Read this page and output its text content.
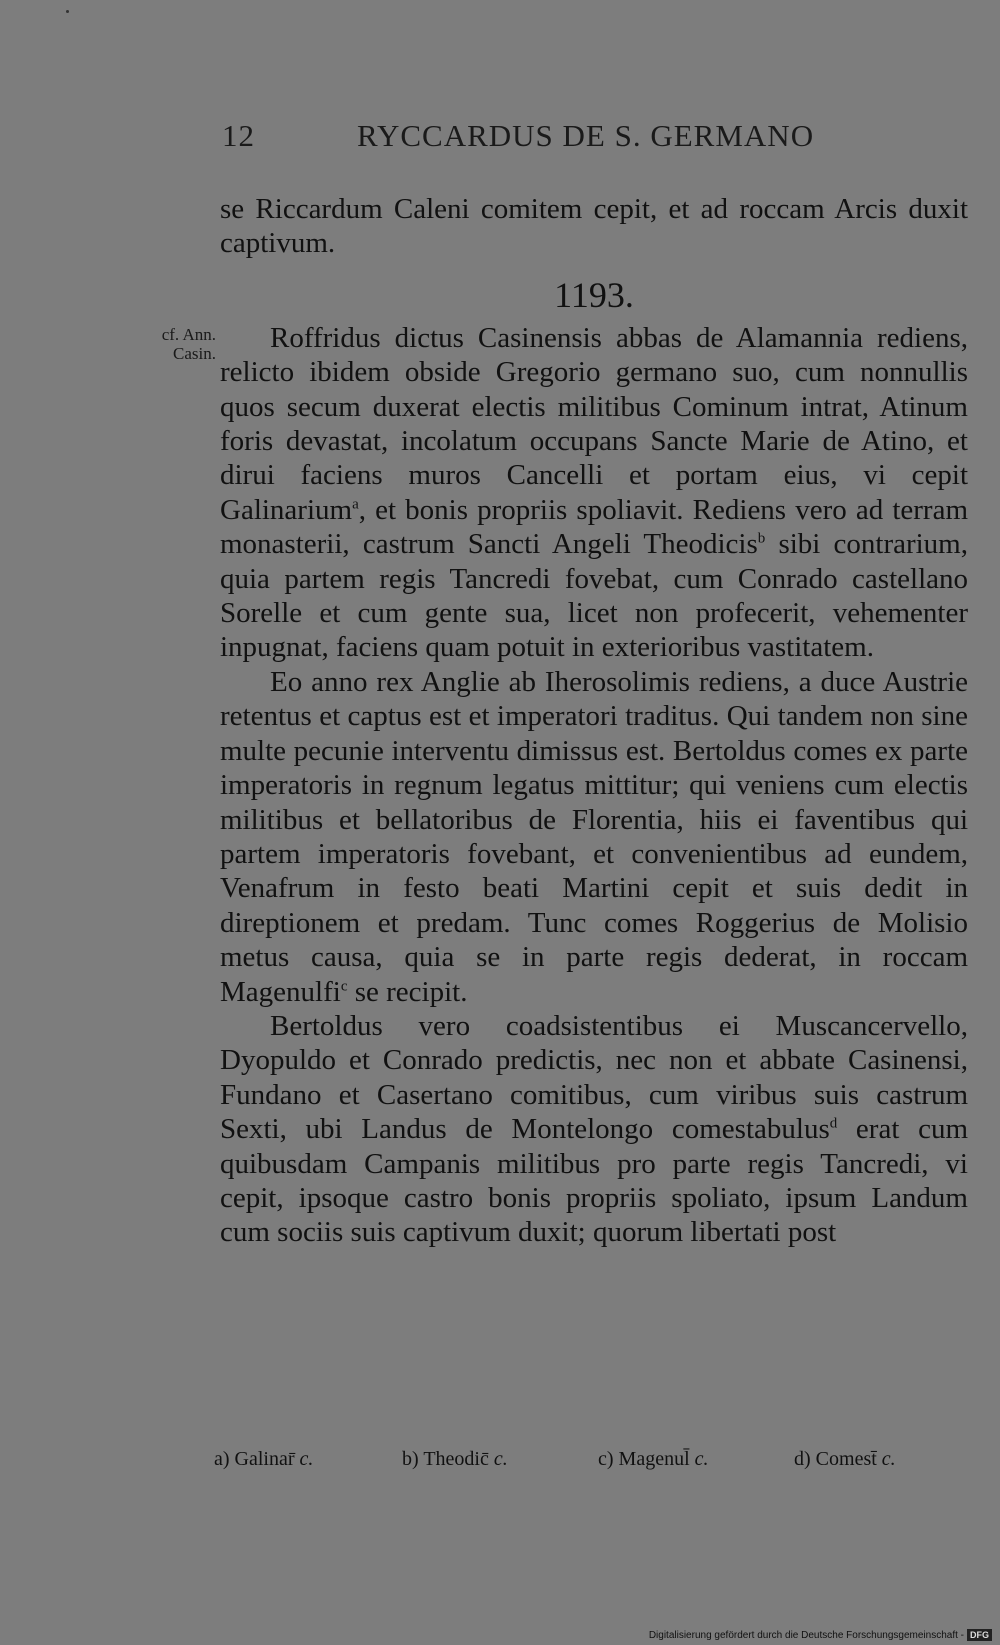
12	RYCCARDUS DE S. GERMANO
cf. Ann.
Casin.

se Riccardum Caleni comitem cepit, et ad roccam Arcis duxit captivum.

1193.

Roffridus dictus Casinensis abbas de Alamannia rediens, relicto ibidem obside Gregorio germano suo, cum nonnullis quos secum duxerat electis militibus Cominum intrat, Atinum foris devastat, incolatum occupans Sancte Marie de Atino, et dirui faciens muros Cancelli et portam eius, vi cepit Galinarium$^a$, et bonis propriis spoliavit. Rediens vero ad terram monasterii, castrum Sancti Angeli Theodicis$^b$ sibi contrarium, quia partem regis Tancredi fovebat, cum Conrado castellano Sorelle et cum gente sua, licet non profecerit, vehementer inpugnat, faciens quam potuit in exterioribus vastitatem.

Eo anno rex Anglie ab Iherosolimis rediens, a duce Austrie retentus et captus est et imperatori traditus. Qui tandem non sine multe pecunie interventu dimissus est. Bertoldus comes ex parte imperatoris in regnum legatus mittitur; qui veniens cum electis militibus et bellatoribus de Florentia, hiis ei faventibus qui partem imperatoris fovebant, et convenientibus ad eundem, Venafrum in festo beati Martini cepit et suis dedit in direptionem et predam. Tunc comes Roggerius de Molisio metus causa, quia se in parte regis dederat, in roccam Magenulfi$^c$ se recipit.

Bertoldus vero coadsistentibus ei Muscancervello, Dyopuldo et Conrado predictis, nec non et abbate Casinensi, Fundano et Casertano comitibus, cum viribus suis castrum Sexti, ubi Landus de Montelongo comestabulus$^d$ erat cum quibusdam Campanis militibus pro parte regis Tancredi, vi cepit, ipsoque castro bonis propriis spoliato, ipsum Landum cum sociis suis captivum duxit; quorum libertati post

a) Galinar̄ c.	b) Theodic̄ c.	c) Magenul̄ c.	d) Comest̄ c.
Digitalisierung gefördert durch die Deutsche Forschungsgemeinschaft - DFG
